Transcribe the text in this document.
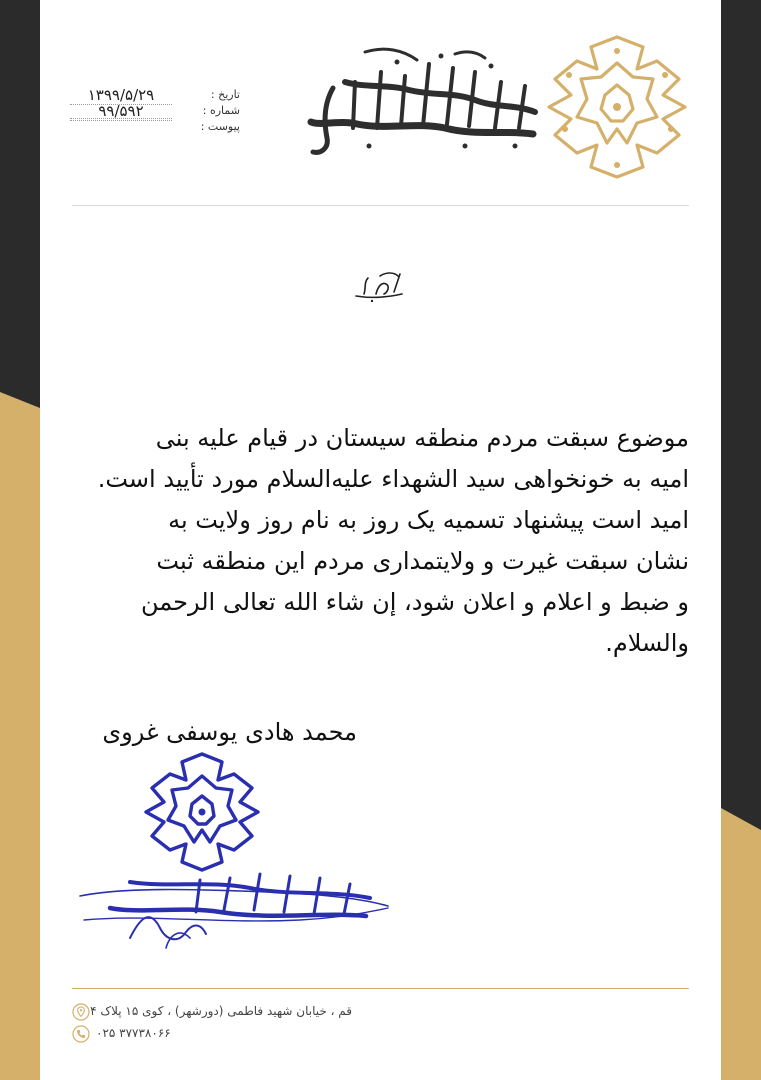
تاریخ :
۱۳۹۹/۵/۲۹
شماره :
۹۹/۵۹۲
پیوست :
موضوع سبقت مردم منطقه سیستان در قیام علیه بنی
امیه به خونخواهی سید الشهداء علیه‌السلام مورد تأیید است.
امید است پیشنهاد تسمیه یک روز به نام روز ولایت به
نشان سبقت غیرت و ولایتمداری مردم این منطقه ثبت
و ضبط و اعلام و اعلان شود، إن شاء الله تعالی الرحمن
والسلام.
محمد هادی یوسفی غروی
قم ، خیابان شهید فاطمی (دورشهر) ، کوی ۱۵ پلاک ۴
۰۲۵ ۳۷۷۳۸۰۶۶
